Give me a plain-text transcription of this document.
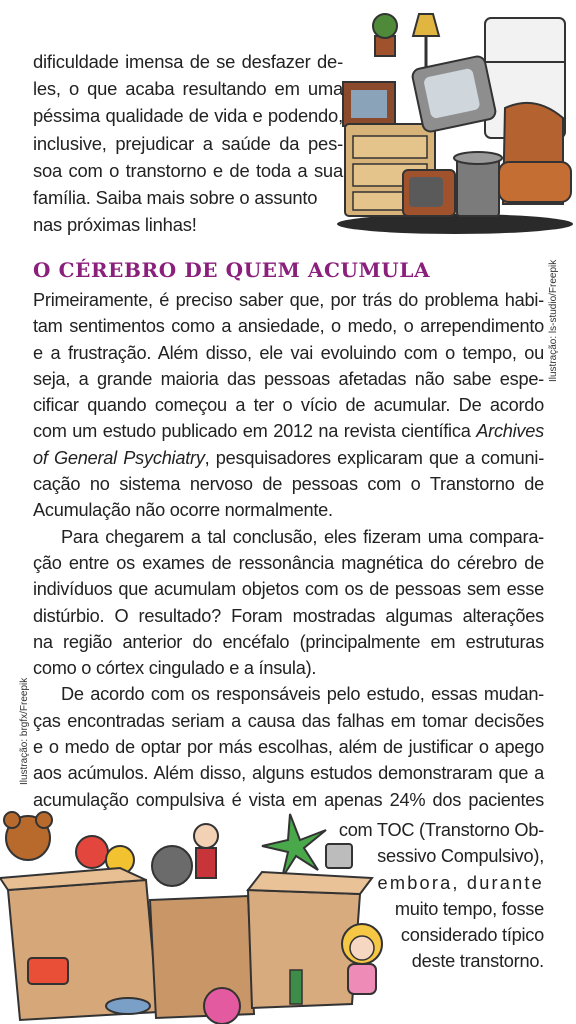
dificuldade imensa de se desfazer de-
les, o que acaba resultando em uma
péssima qualidade de vida e podendo,
inclusive, prejudicar a saúde da pes-
soa com o transtorno e de toda a sua
família. Saiba mais sobre o assunto
nas próximas linhas!
O CÉREBRO DE QUEM ACUMULA
Primeiramente, é preciso saber que, por trás do problema habi-
tam sentimentos como a ansiedade, o medo, o arrependimento
e a frustração. Além disso, ele vai evoluindo com o tempo, ou
seja, a grande maioria das pessoas afetadas não sabe espe-
cificar quando começou a ter o vício de acumular. De acordo
com um estudo publicado em 2012 na revista científica Archives
of General Psychiatry, pesquisadores explicaram que a comuni-
cação no sistema nervoso de pessoas com o Transtorno de
Acumulação não ocorre normalmente.
Para chegarem a tal conclusão, eles fizeram uma compara-
ção entre os exames de ressonância magnética do cérebro de
indivíduos que acumulam objetos com os de pessoas sem esse
distúrbio. O resultado? Foram mostradas algumas alterações
na região anterior do encéfalo (principalmente em estruturas
como o córtex cingulado e a ínsula).
De acordo com os responsáveis pelo estudo, essas mudan-
ças encontradas seriam a causa das falhas em tomar decisões
e o medo de optar por más escolhas, além de justificar o apego
aos acúmulos. Além disso, alguns estudos demonstraram que a
acumulação compulsiva é vista em apenas 24% dos pacientes
com TOC (Transtorno Ob-
sessivo Compulsivo),
embora, durante
muito tempo, fosse
considerado típico
deste transtorno.
Ilustração: ls-studio/Freepik
Ilustração: brgfx/Freepik
